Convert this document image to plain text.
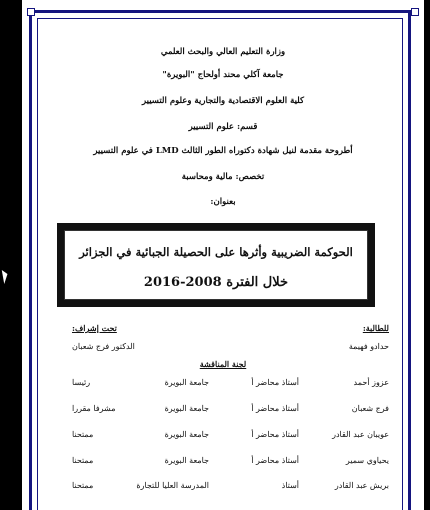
وزارة التعليم العالي والبحث العلمي
جامعة آكلي محند أولحاج "البويرة"
كلية العلوم الاقتصادية والتجارية وعلوم التسيير
قسم: علوم التسيير
أطروحة مقدمة لنيل شهادة دكتوراه الطور الثالث LMD في علوم التسيير
تخصص: مالية ومحاسبة
بعنوان:
الحوكمة الضريبية وأثرها على الحصيلة الجبائية في الجزائر
خلال الفترة 2008-2016
للطالبة:
حدادو فهيمة
تحت إشراف:
الدكتور فرج شعبان
لجنة المناقشة
عزوز أحمد
أستاذ محاضر أ
جامعة البويرة
رئيسا
فرج شعبان
أستاذ محاضر أ
جامعة البويرة
مشرفا مقررا
عويبان عبد القادر
أستاذ محاضر أ
جامعة البويرة
ممتحنا
يحياوي سمير
أستاذ محاضر أ
جامعة البويرة
ممتحنا
بريش عبد القادر
أستاذ
المدرسة العليا للتجارة
ممتحنا
